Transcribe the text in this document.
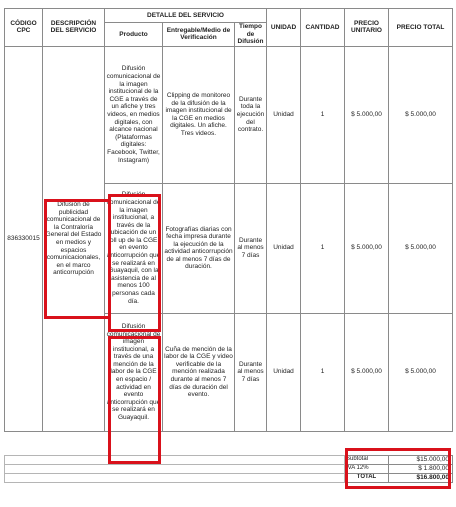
CÓDIGO CPC	DESCRIPCIÓN DEL SERVICIO	DETALLE DEL SERVICIO			UNIDAD	CANTIDAD	PRECIO UNITARIO	PRECIO TOTAL
		Producto	Entregable/Medio de Verificación	Tiempo de Difusión				
836330015	Difusión de publicidad comunicacional de la Contraloría General del Estado en medios y espacios comunicacionales, en el marco anticorrupción	Difusión comunicacional de la imagen institucional de la CGE a través de un afiche y tres videos, en medios digitales, con alcance nacional (Plataformas digitales: Facebook, Twitter, Instagram)	Clipping de monitoreo de la difusión de la imagen institucional de la CGE en medios digitales. Un afiche. Tres videos.	Durante toda la ejecución del contrato.	Unidad	1	$ 5.000,00	$ 5.000,00
		Difusión comunicacional de la imagen institucional, a través de la ubicación de un roll up de la CGE, en evento anticorrupción que se realizará en Guayaquil, con la asistencia de al menos 100 personas cada día.	Fotografías diarias con fecha impresa durante la ejecución de la actividad anticorrupción de al menos 7 días de duración.	Durante al menos 7 días	Unidad	1	$ 5.000,00	$ 5.000,00
		Difusión comunicacional de imagen institucional, a través de una mención de la labor de la CGE en espacio / actividad en evento anticorrupción que se realizará en Guayaquil.	Cuña de mención de la labor de la CGE y video verificable de la mención realizada durante al menos 7 días de duración del evento.	Durante al menos 7 días	Unidad	1	$ 5.000,00	$ 5.000,00

	Subtotal	$15.000,00
	IVA 12%	$ 1.800,00
	TOTAL	$16.800,00
